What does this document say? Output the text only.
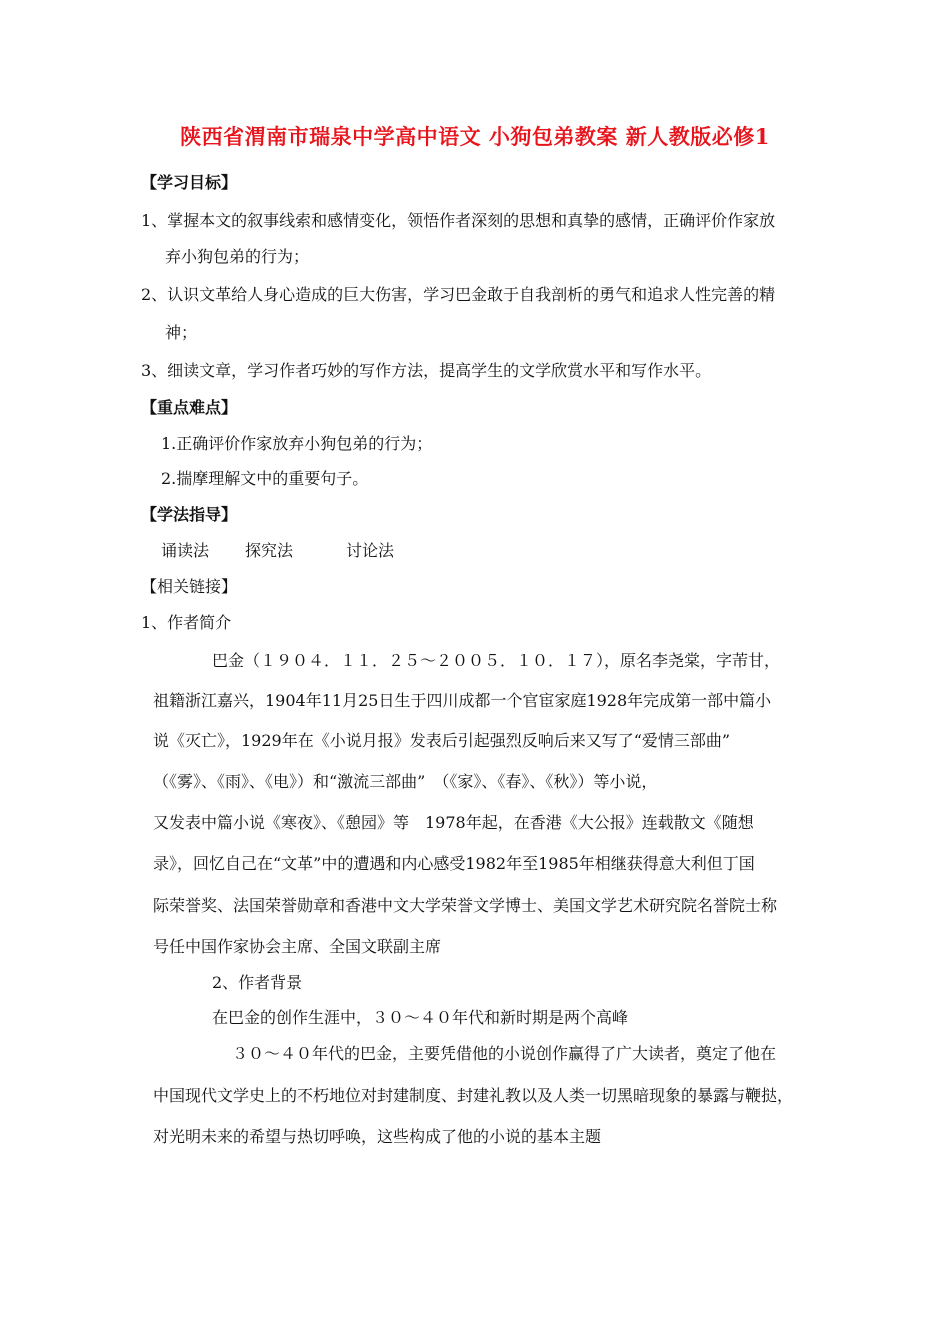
陕西省渭南市瑞泉中学高中语文 小狗包弟教案 新人教版必修1
【学习目标】
1、掌握本文的叙事线索和感情变化，领悟作者深刻的思想和真挚的感情，正确评价作家放
弃小狗包弟的行为；
2、认识文革给人身心造成的巨大伤害，学习巴金敢于自我剖析的勇气和追求人性完善的精
神；
3、细读文章，学习作者巧妙的写作方法，提高学生的文学欣赏水平和写作水平。
【重点难点】
1.正确评价作家放弃小狗包弟的行为；
2.揣摩理解文中的重要句子。
【学法指导】
诵读法 探究法	讨论法
【相关链接】
1、作者简介
巴金（１９０４．１１．２５～２００５．１０．１７），原名李尧棠，字芾甘，
祖籍浙江嘉兴，1904年11月25日生于四川成都一个官宦家庭1928年完成第一部中篇小
说《灭亡》，1929年在《小说月报》发表后引起强烈反响后来又写了“爱情三部曲”
（《雾》、《雨》、《电》）和“激流三部曲”　（《家》、《春》、《秋》）等小说，
又发表中篇小说《寒夜》、《憩园》等　1978年起，在香港《大公报》连载散文《随想
录》，回忆自己在“文革”中的遭遇和内心感受1982年至1985年相继获得意大利但丁国
际荣誉奖、法国荣誉勋章和香港中文大学荣誉文学博士、美国文学艺术研究院名誉院士称
号任中国作家协会主席、全国文联副主席
2、作者背景
在巴金的创作生涯中，３０～４０年代和新时期是两个高峰
３０～４０年代的巴金，主要凭借他的小说创作赢得了广大读者，奠定了他在
中国现代文学史上的不朽地位对封建制度、封建礼教以及人类一切黑暗现象的暴露与鞭挞，
对光明未来的希望与热切呼唤，这些构成了他的小说的基本主题
